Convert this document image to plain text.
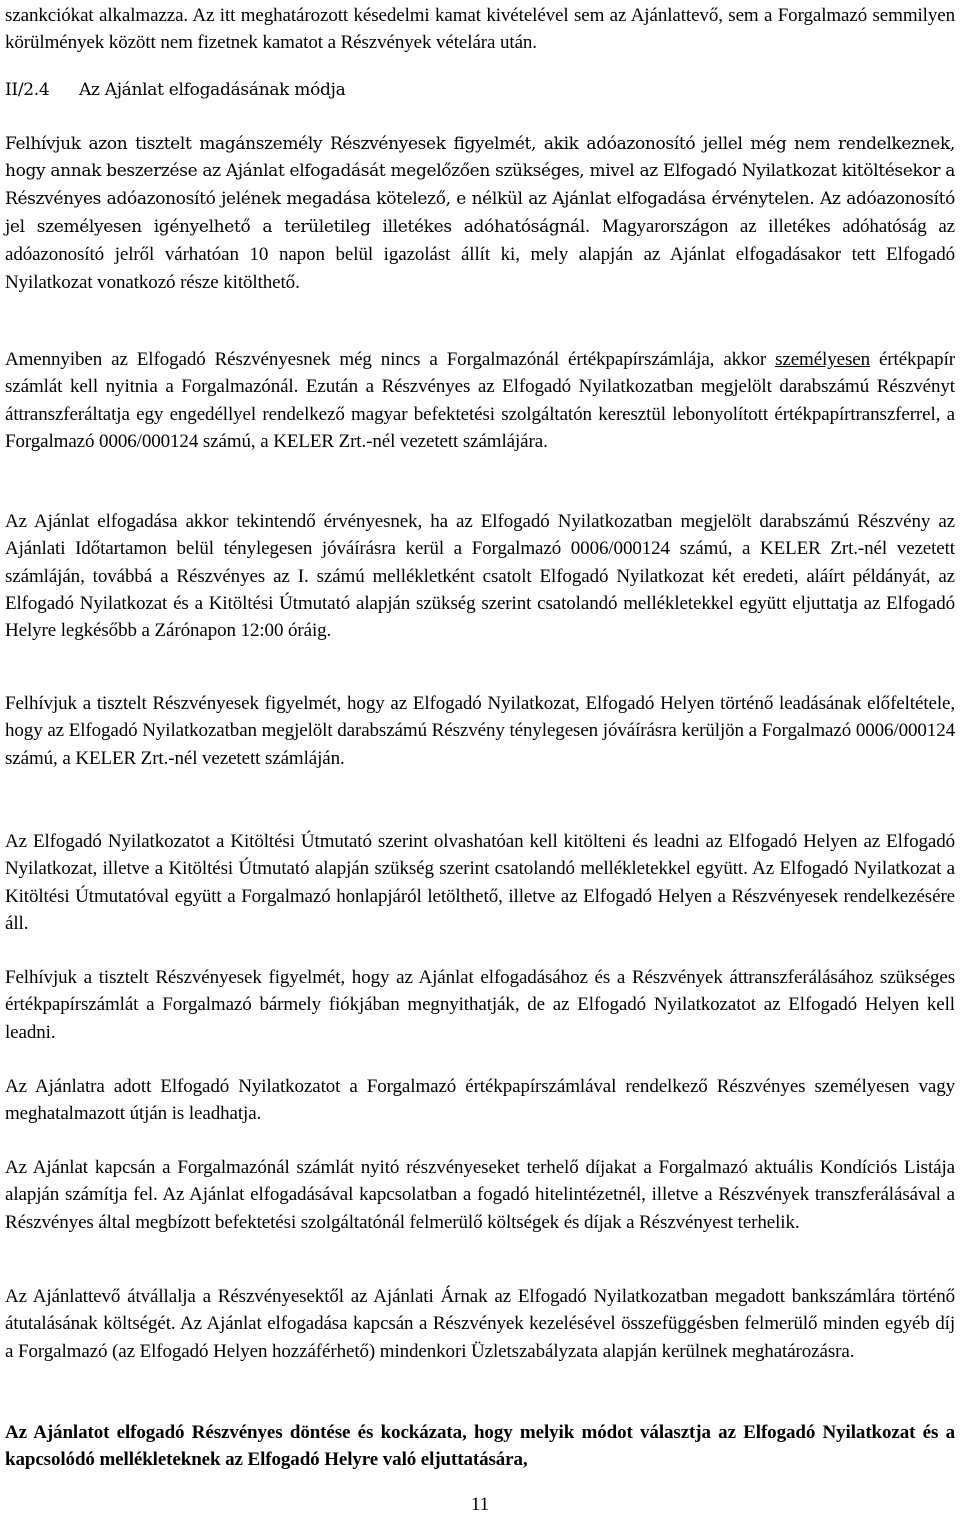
szankciókat alkalmazza. Az itt meghatározott késedelmi kamat kivételével sem az Ajánlattevő, sem a Forgalmazó semmilyen körülmények között nem fizetnek kamatot a Részvények vételára után.

II/2.4 Az Ajánlat elfogadásának módja

Felhívjuk azon tisztelt magánszemély Részvényesek figyelmét, akik adóazonosító jellel még nem rendelkeznek, hogy annak beszerzése az Ajánlat elfogadását megelőzően szükséges, mivel az Elfogadó Nyilatkozat kitöltésekor a Részvényes adóazonosító jelének megadása kötelező, e nélkül az Ajánlat elfogadása érvénytelen. Az adóazonosító jel személyesen igényelhető a területileg illetékes adóhatóságnál. Magyarországon az illetékes adóhatóság az adóazonosító jelről várhatóan 10 napon belül igazolást állít ki, mely alapján az Ajánlat elfogadásakor tett Elfogadó Nyilatkozat vonatkozó része kitölthető.

Amennyiben az Elfogadó Részvényesnek még nincs a Forgalmazónál értékpapírszámlája, akkor személyesen értékpapír számlát kell nyitnia a Forgalmazónál. Ezután a Részvényes az Elfogadó Nyilatkozatban megjelölt darabszámú Részvényt áttranszferáltatja egy engedéllyel rendelkező magyar befektetési szolgáltatón keresztül lebonyolított értékpapírtranszferrel, a Forgalmazó 0006/000124 számú, a KELER Zrt.-nél vezetett számlájára.

Az Ajánlat elfogadása akkor tekintendő érvényesnek, ha az Elfogadó Nyilatkozatban megjelölt darabszámú Részvény az Ajánlati Időtartamon belül ténylegesen jóváírásra kerül a Forgalmazó 0006/000124 számú, a KELER Zrt.-nél vezetett számláján, továbbá a Részvényes az I. számú mellékletként csatolt Elfogadó Nyilatkozat két eredeti, aláírt példányát, az Elfogadó Nyilatkozat és a Kitöltési Útmutató alapján szükség szerint csatolandó mellékletekkel együtt eljuttatja az Elfogadó Helyre legkésőbb a Zárónapon 12:00 óráig.

Felhívjuk a tisztelt Részvényesek figyelmét, hogy az Elfogadó Nyilatkozat, Elfogadó Helyen történő leadásának előfeltétele, hogy az Elfogadó Nyilatkozatban megjelölt darabszámú Részvény ténylegesen jóváírásra kerüljön a Forgalmazó 0006/000124 számú, a KELER Zrt.-nél vezetett számláján.

Az Elfogadó Nyilatkozatot a Kitöltési Útmutató szerint olvashatóan kell kitölteni és leadni az Elfogadó Helyen az Elfogadó Nyilatkozat, illetve a Kitöltési Útmutató alapján szükség szerint csatolandó mellékletekkel együtt. Az Elfogadó Nyilatkozat a Kitöltési Útmutatóval együtt a Forgalmazó honlapjáról letölthető, illetve az Elfogadó Helyen a Részvényesek rendelkezésére áll.

Felhívjuk a tisztelt Részvényesek figyelmét, hogy az Ajánlat elfogadásához és a Részvények áttranszferálásához szükséges értékpapírszámlát a Forgalmazó bármely fiókjában megnyithatják, de az Elfogadó Nyilatkozatot az Elfogadó Helyen kell leadni.

Az Ajánlatra adott Elfogadó Nyilatkozatot a Forgalmazó értékpapírszámlával rendelkező Részvényes személyesen vagy meghatalmazott útján is leadhatja.

Az Ajánlat kapcsán a Forgalmazónál számlát nyitó részvényeseket terhelő díjakat a Forgalmazó aktuális Kondíciós Listája alapján számítja fel. Az Ajánlat elfogadásával kapcsolatban a fogadó hitelintézetnél, illetve a Részvények transzferálásával a Részvényes által megbízott befektetési szolgáltatónál felmerülő költségek és díjak a Részvényest terhelik.

Az Ajánlattevő átvállalja a Részvényesektől az Ajánlati Árnak az Elfogadó Nyilatkozatban megadott bankszámlára történő átutalásának költségét. Az Ajánlat elfogadása kapcsán a Részvények kezelésével összefüggésben felmerülő minden egyéb díj a Forgalmazó (az Elfogadó Helyen hozzáférhető) mindenkori Üzletszabályzata alapján kerülnek meghatározásra.

Az Ajánlatot elfogadó Részvényes döntése és kockázata, hogy melyik módot választja az Elfogadó Nyilatkozat és a kapcsolódó mellékleteknek az Elfogadó Helyre való eljuttatására,

11
